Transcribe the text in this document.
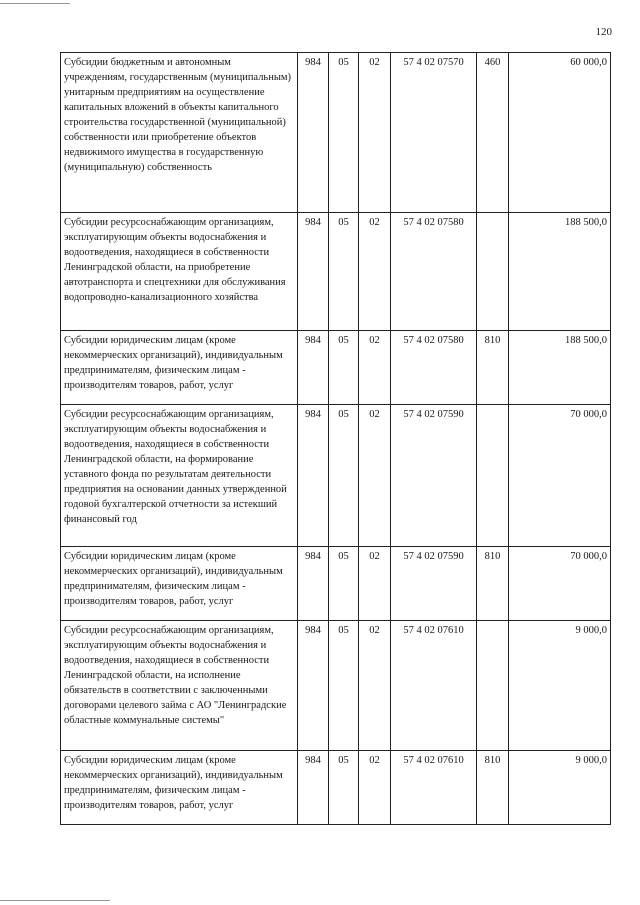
120
Субсидии бюджетным и автономным учреждениям, государственным (муниципальным) унитарным предприятиям на осуществление капитальных вложений в объекты капитального строительства государственной (муниципальной) собственности или приобретение объектов недвижимого имущества в государственную (муниципальную) собственность	984	05	02	57 4 02 07570	460	60 000,0
Субсидии ресурсоснабжающим организациям, эксплуатирующим объекты водоснабжения и водоотведения, находящиеся в собственности Ленинградской области, на приобретение автотранспорта и спецтехники для обслуживания водопроводно-канализационного хозяйства	984	05	02	57 4 02 07580		188 500,0
Субсидии юридическим лицам (кроме некоммерческих организаций), индивидуальным предпринимателям, физическим лицам - производителям товаров, работ, услуг	984	05	02	57 4 02 07580	810	188 500,0
Субсидии ресурсоснабжающим организациям, эксплуатирующим объекты водоснабжения и водоотведения, находящиеся в собственности Ленинградской области, на формирование уставного фонда по результатам деятельности предприятия на основании данных утвержденной годовой бухгалтерской отчетности за истекший финансовый год	984	05	02	57 4 02 07590		70 000,0
Субсидии юридическим лицам (кроме некоммерческих организаций), индивидуальным предпринимателям, физическим лицам - производителям товаров, работ, услуг	984	05	02	57 4 02 07590	810	70 000,0
Субсидии ресурсоснабжающим организациям, эксплуатирующим объекты водоснабжения и водоотведения, находящиеся в собственности Ленинградской области, на исполнение обязательств в соответствии с заключенными договорами целевого займа с АО "Ленинградские областные коммунальные системы"	984	05	02	57 4 02 07610		9 000,0
Субсидии юридическим лицам (кроме некоммерческих организаций), индивидуальным предпринимателям, физическим лицам - производителям товаров, работ, услуг	984	05	02	57 4 02 07610	810	9 000,0
